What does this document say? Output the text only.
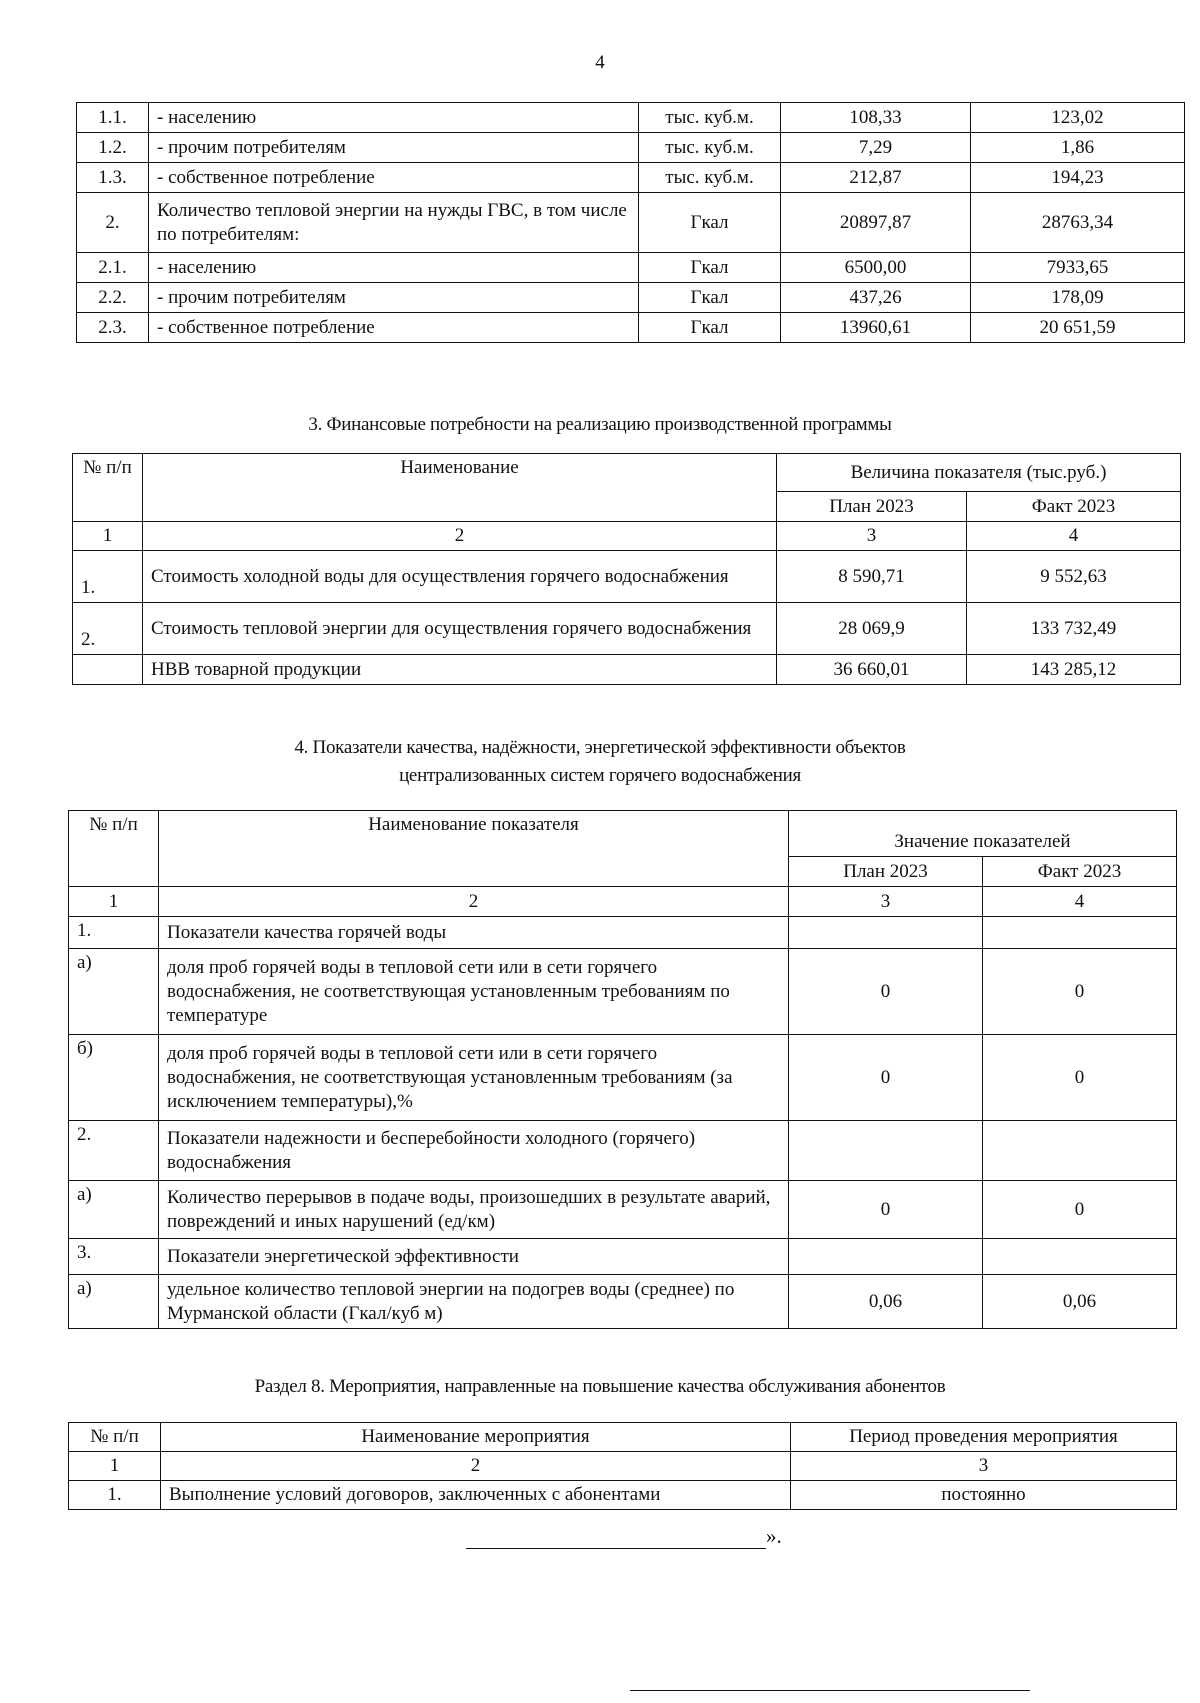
4
1.1.	- населению	тыс. куб.м.	108,33	123,02
1.2.	- прочим потребителям	тыс. куб.м.	7,29	1,86
1.3.	- собственное потребление	тыс. куб.м.	212,87	194,23
2.	Количество тепловой энергии на нужды ГВС, в том числе по потребителям:	Гкал	20897,87	28763,34
2.1.	- населению	Гкал	6500,00	7933,65
2.2.	- прочим потребителям	Гкал	437,26	178,09
2.3.	- собственное потребление	Гкал	13960,61	20 651,59
3. Финансовые потребности на реализацию производственной программы
№ п/п	Наименование	Величина показателя (тыс.руб.)	
		План 2023	Факт 2023
1	2	3	4
1.	Стоимость холодной воды для осуществления горячего водоснабжения	8 590,71	9 552,63
2.	Стоимость тепловой энергии для осуществления горячего водоснабжения	28 069,9	133 732,49
	НВВ товарной продукции	36 660,01	143 285,12
4. Показатели качества, надёжности, энергетической эффективности объектов
централизованных систем горячего водоснабжения
№ п/п	Наименование показателя	Значение показателей	
		План 2023	Факт 2023
1	2	3	4
1.	Показатели качества горячей воды		
а)	доля проб горячей воды в тепловой сети или в сети горячего водоснабжения, не соответствующая установленным требованиям по температуре	0	0
б)	доля проб горячей воды в тепловой сети или в сети горячего водоснабжения, не соответствующая установленным требованиям (за исключением температуры),%	0	0
2.	Показатели надежности и бесперебойности холодного (горячего) водоснабжения		
а)	Количество перерывов в подаче воды, произошедших в результате аварий, повреждений и иных нарушений (ед/км)	0	0
3.	Показатели энергетической эффективности		
а)	удельное количество тепловой энергии на подогрев воды (среднее) по Мурманской области (Гкал/куб м)	0,06	0,06
Раздел 8. Мероприятия, направленные на повышение качества обслуживания абонентов
№ п/п	Наименование мероприятия	Период проведения мероприятия
1	2	3
1.	Выполнение условий договоров, заключенных с абонентами	постоянно
».
